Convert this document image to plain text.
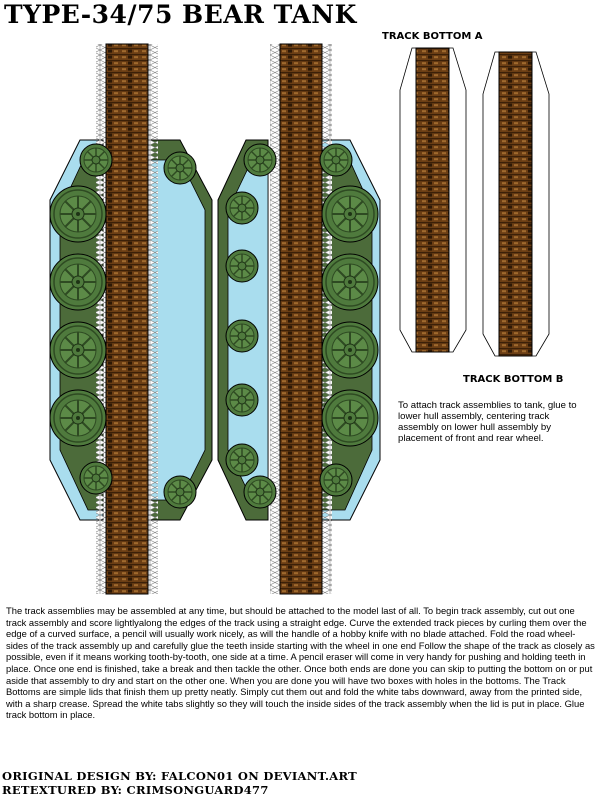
TYPE-34/75 BEAR TANK
TRACK BOTTOM A
TRACK BOTTOM B
To attach track assemblies to tank, glue to lower hull assembly, centering track assembly on lower hull assembly by placement of front and rear wheel.
The track assemblies may be assembled at any time, but should be attached to the model last of all. To begin track assembly, cut out one track assembly and score lightlyalong the edges of the track using a straight edge. Curve the extended track pieces by curling them over the edge of a curved surface, a pencil will usually work nicely, as will the handle of a hobby knife with no blade attached. Fold the road wheel-sides of the track assembly up and carefully glue the teeth inside starting with the wheel in one end Follow the shape of the track as closely as possible, even if it means working tooth-by-tooth, one side at a time. A pencil eraser will come in very handy for pushing and holding teeth in place. Once one end is finished, take a break and then tackle the other. Once both ends are done you can skip to putting the bottom on or put aside that assembly to dry and start on the other one. When you are done you will have two boxes with holes in the bottoms. The Track Bottoms are simple lids that finish them up pretty neatly. Simply cut them out and fold the white tabs downward, away from the printed side, with a sharp crease. Spread the white tabs slightly so they will touch the inside sides of the track assembly when the lid is put in place. Glue track bottom in place.
ORIGINAL DESIGN BY: FALCON01 ON DEVIANT.ART
RETEXTURED BY: CRIMSONGUARD477
